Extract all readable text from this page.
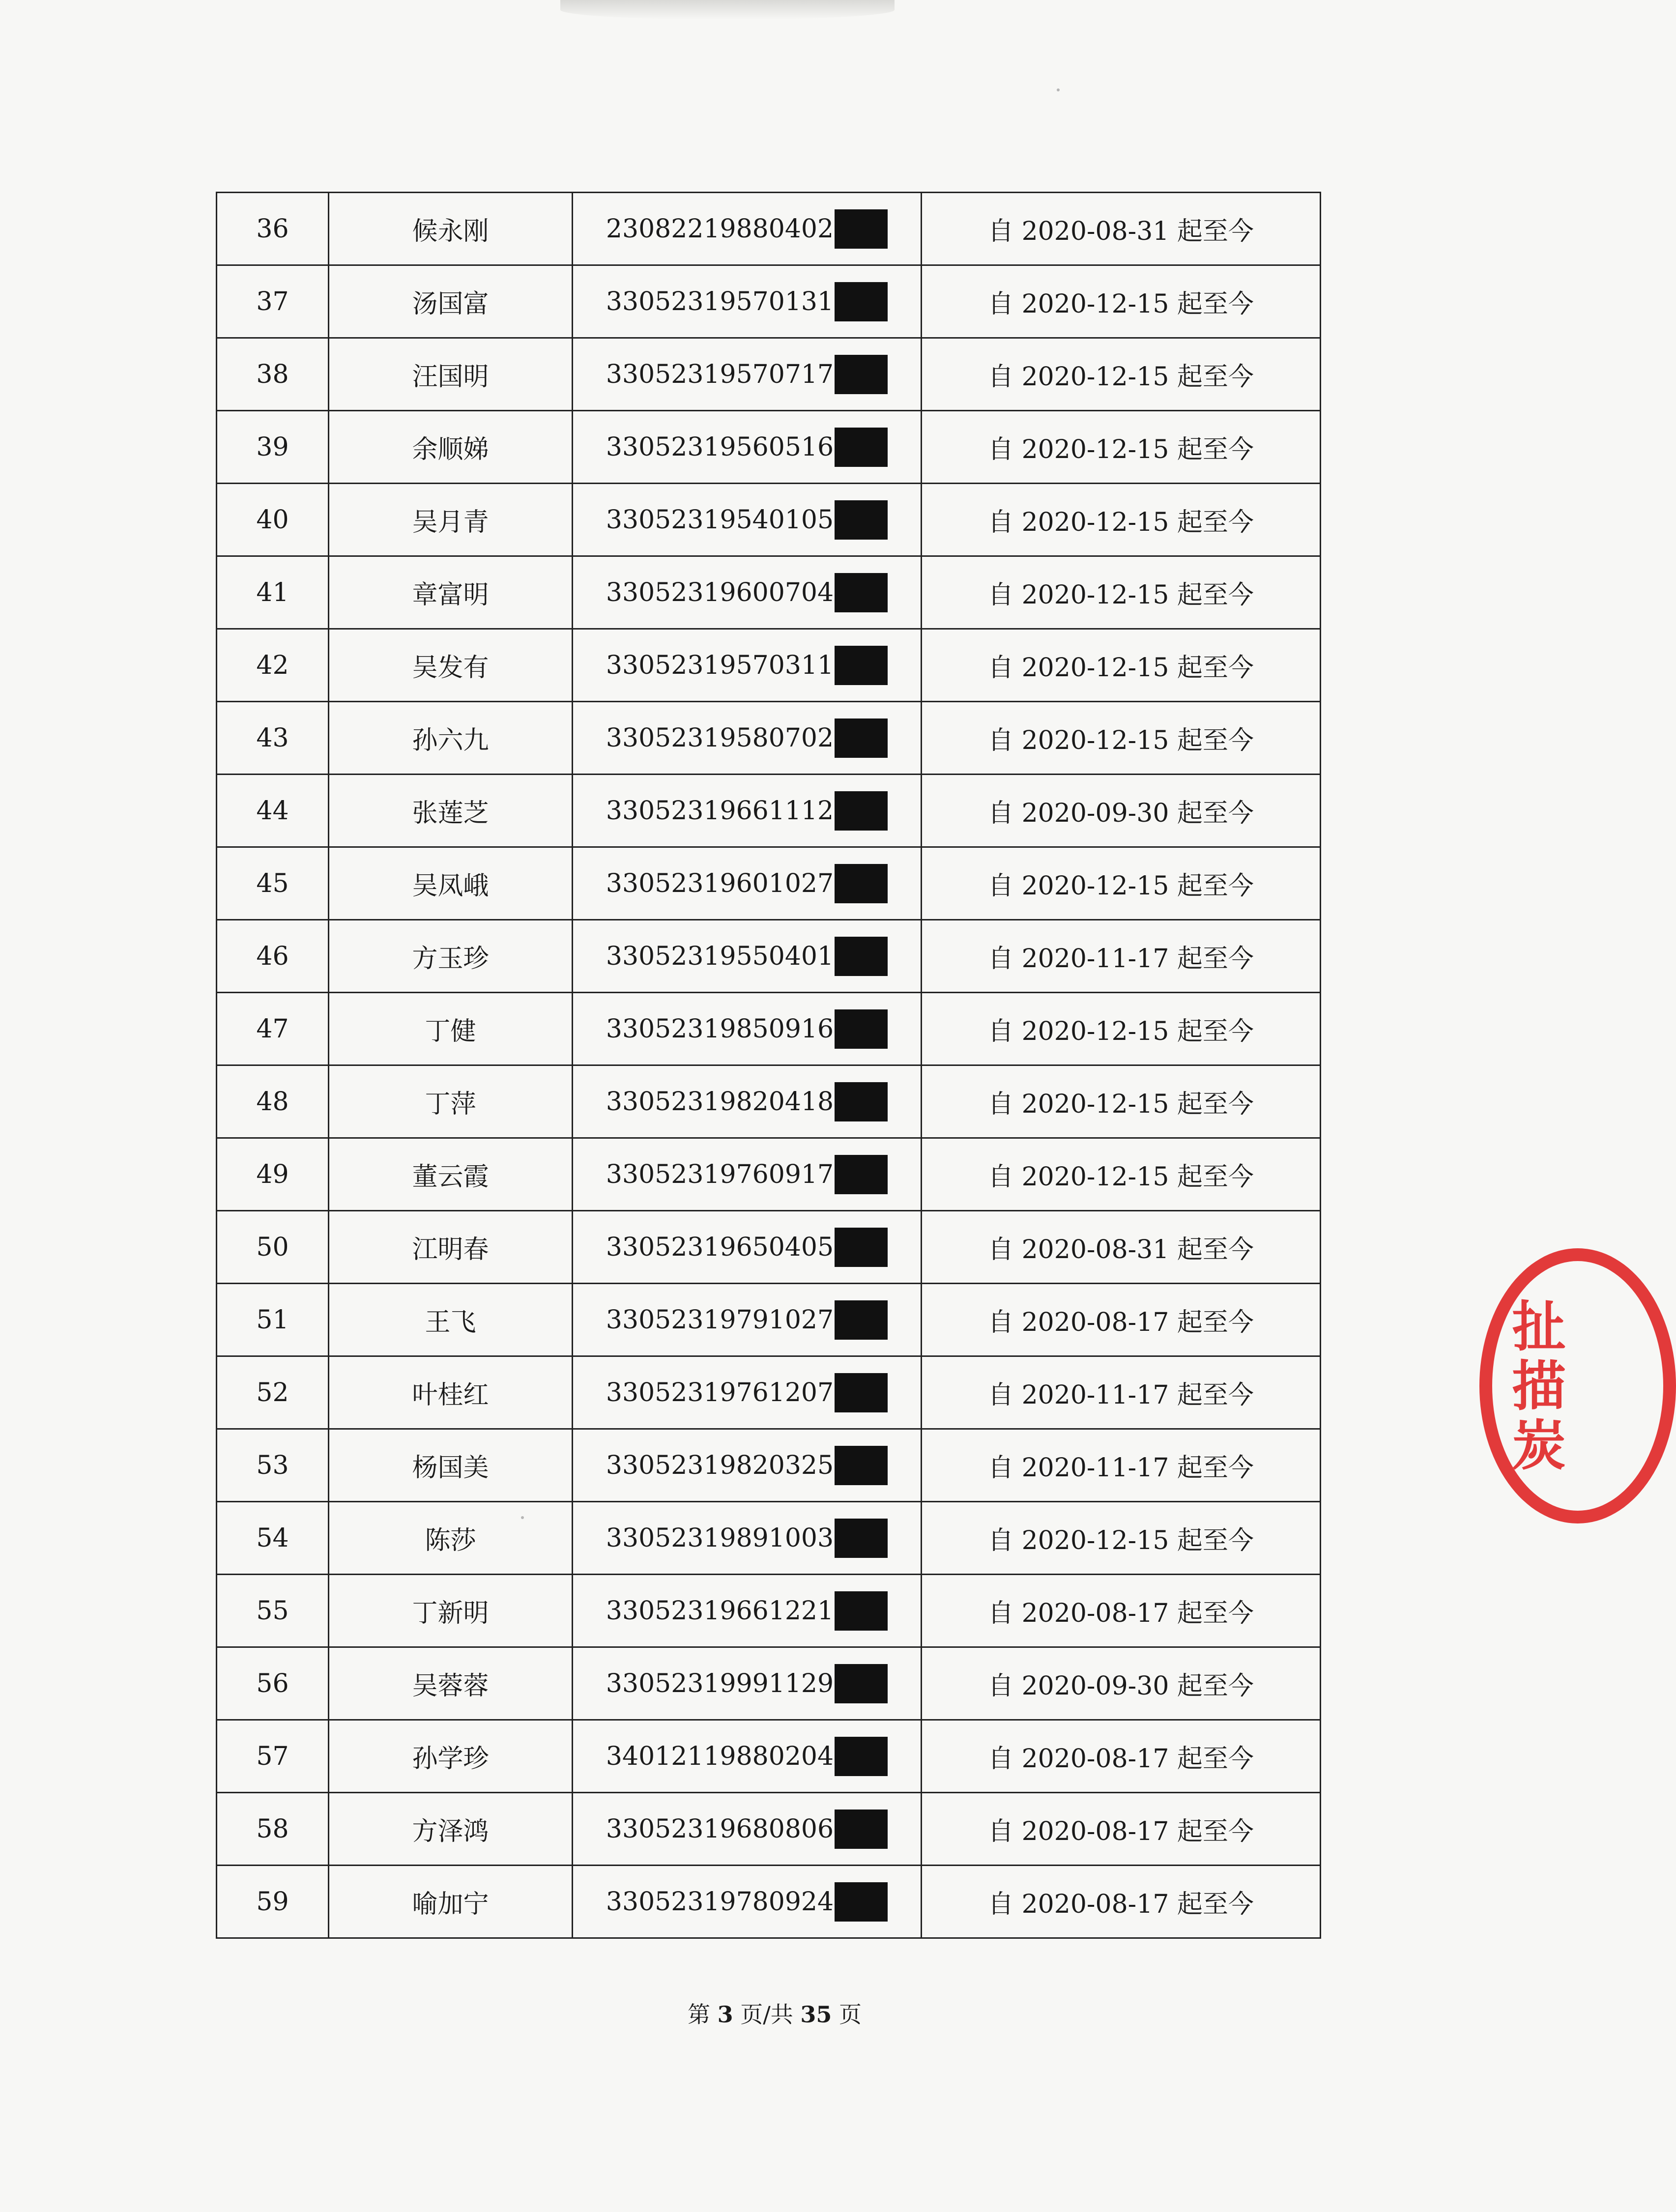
36	候永刚	23082219880402	自 2020-08-31 起至今
37	汤国富	33052319570131	自 2020-12-15 起至今
38	汪国明	33052319570717	自 2020-12-15 起至今
39	余顺娣	33052319560516	自 2020-12-15 起至今
40	吴月青	33052319540105	自 2020-12-15 起至今
41	章富明	33052319600704	自 2020-12-15 起至今
42	吴发有	33052319570311	自 2020-12-15 起至今
43	孙六九	33052319580702	自 2020-12-15 起至今
44	张莲芝	33052319661112	自 2020-09-30 起至今
45	吴凤峨	33052319601027	自 2020-12-15 起至今
46	方玉珍	33052319550401	自 2020-11-17 起至今
47	丁健	33052319850916	自 2020-12-15 起至今
48	丁萍	33052319820418	自 2020-12-15 起至今
49	董云霞	33052319760917	自 2020-12-15 起至今
50	江明春	33052319650405	自 2020-08-31 起至今
51	王飞	33052319791027	自 2020-08-17 起至今
52	叶桂红	33052319761207	自 2020-11-17 起至今
53	杨国美	33052319820325	自 2020-11-17 起至今
54	陈莎	33052319891003	自 2020-12-15 起至今
55	丁新明	33052319661221	自 2020-08-17 起至今
56	吴蓉蓉	33052319991129	自 2020-09-30 起至今
57	孙学珍	34012119880204	自 2020-08-17 起至今
58	方泽鸿	33052319680806	自 2020-08-17 起至今
59	喻加宁	33052319780924	自 2020-08-17 起至今
扯
描
炭
第 3 页/共 35 页
